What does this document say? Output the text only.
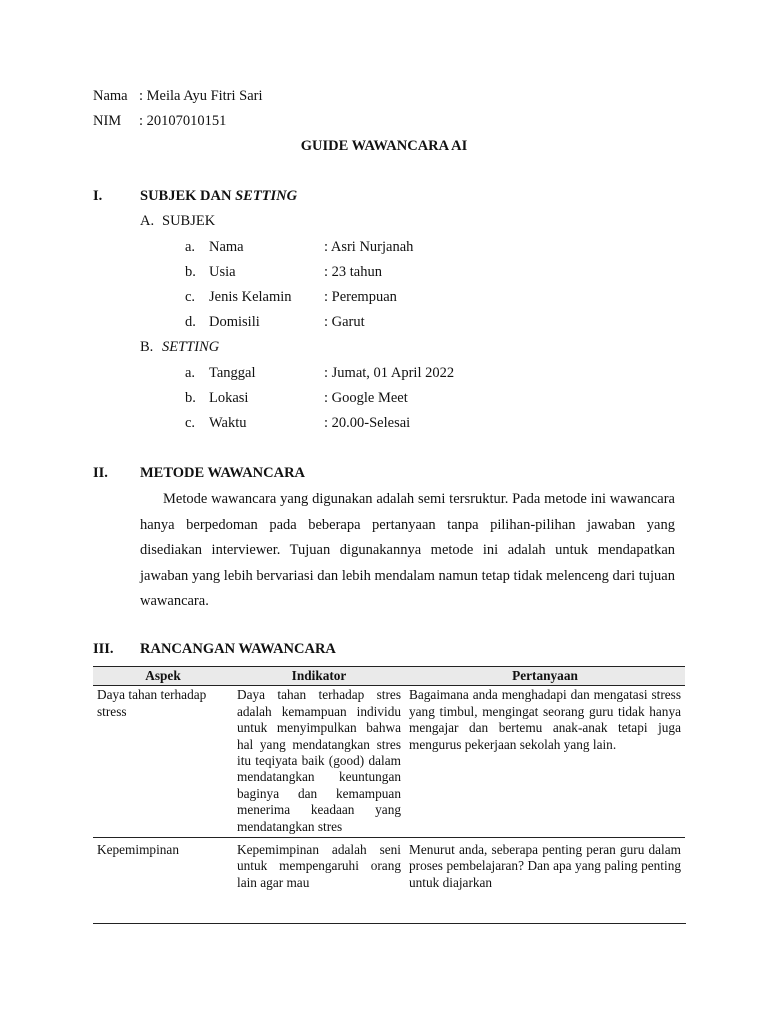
Nama : Meila Ayu Fitri Sari
NIM : 20107010151
GUIDE WAWANCARA AI
I.	SUBJEK DAN SETTING
A. SUBJEK
a. Nama	: Asri Nurjanah
b. Usia	: 23 tahun
c. Jenis Kelamin : Perempuan
d. Domisili	: Garut
B. SETTING
a. Tanggal	: Jumat, 01 April 2022
b. Lokasi	: Google Meet
c. Waktu	: 20.00-Selesai
II. METODE WAWANCARA
Metode wawancara yang digunakan adalah semi tersruktur. Pada metode ini wawancara hanya berpedoman pada beberapa pertanyaan tanpa pilihan-pilihan jawaban yang disediakan interviewer. Tujuan digunakannya metode ini adalah untuk mendapatkan jawaban yang lebih bervariasi dan lebih mendalam namun tetap tidak melenceng dari tujuan wawancara.
III. RANCANGAN WAWANCARA
Aspek	Indikator	Pertanyaan
Daya tahan terhadap stress	Daya tahan terhadap stres adalah kemampuan individu untuk menyimpulkan bahwa hal yang mendatangkan stres itu teqiyata baik (good) dalam mendatangkan keuntungan baginya dan kemampuan menerima keadaan yang mendatangkan stres	Bagaimana anda menghadapi dan mengatasi stress yang timbul, mengingat seorang guru tidak hanya mengajar dan bertemu anak-anak tetapi juga mengurus pekerjaan sekolah yang lain.
Kepemimpinan	Kepemimpinan adalah seni untuk mempengaruhi orang lain agar mau	Menurut anda, seberapa penting peran guru dalam proses pembelajaran? Dan apa yang paling penting untuk diajarkan
